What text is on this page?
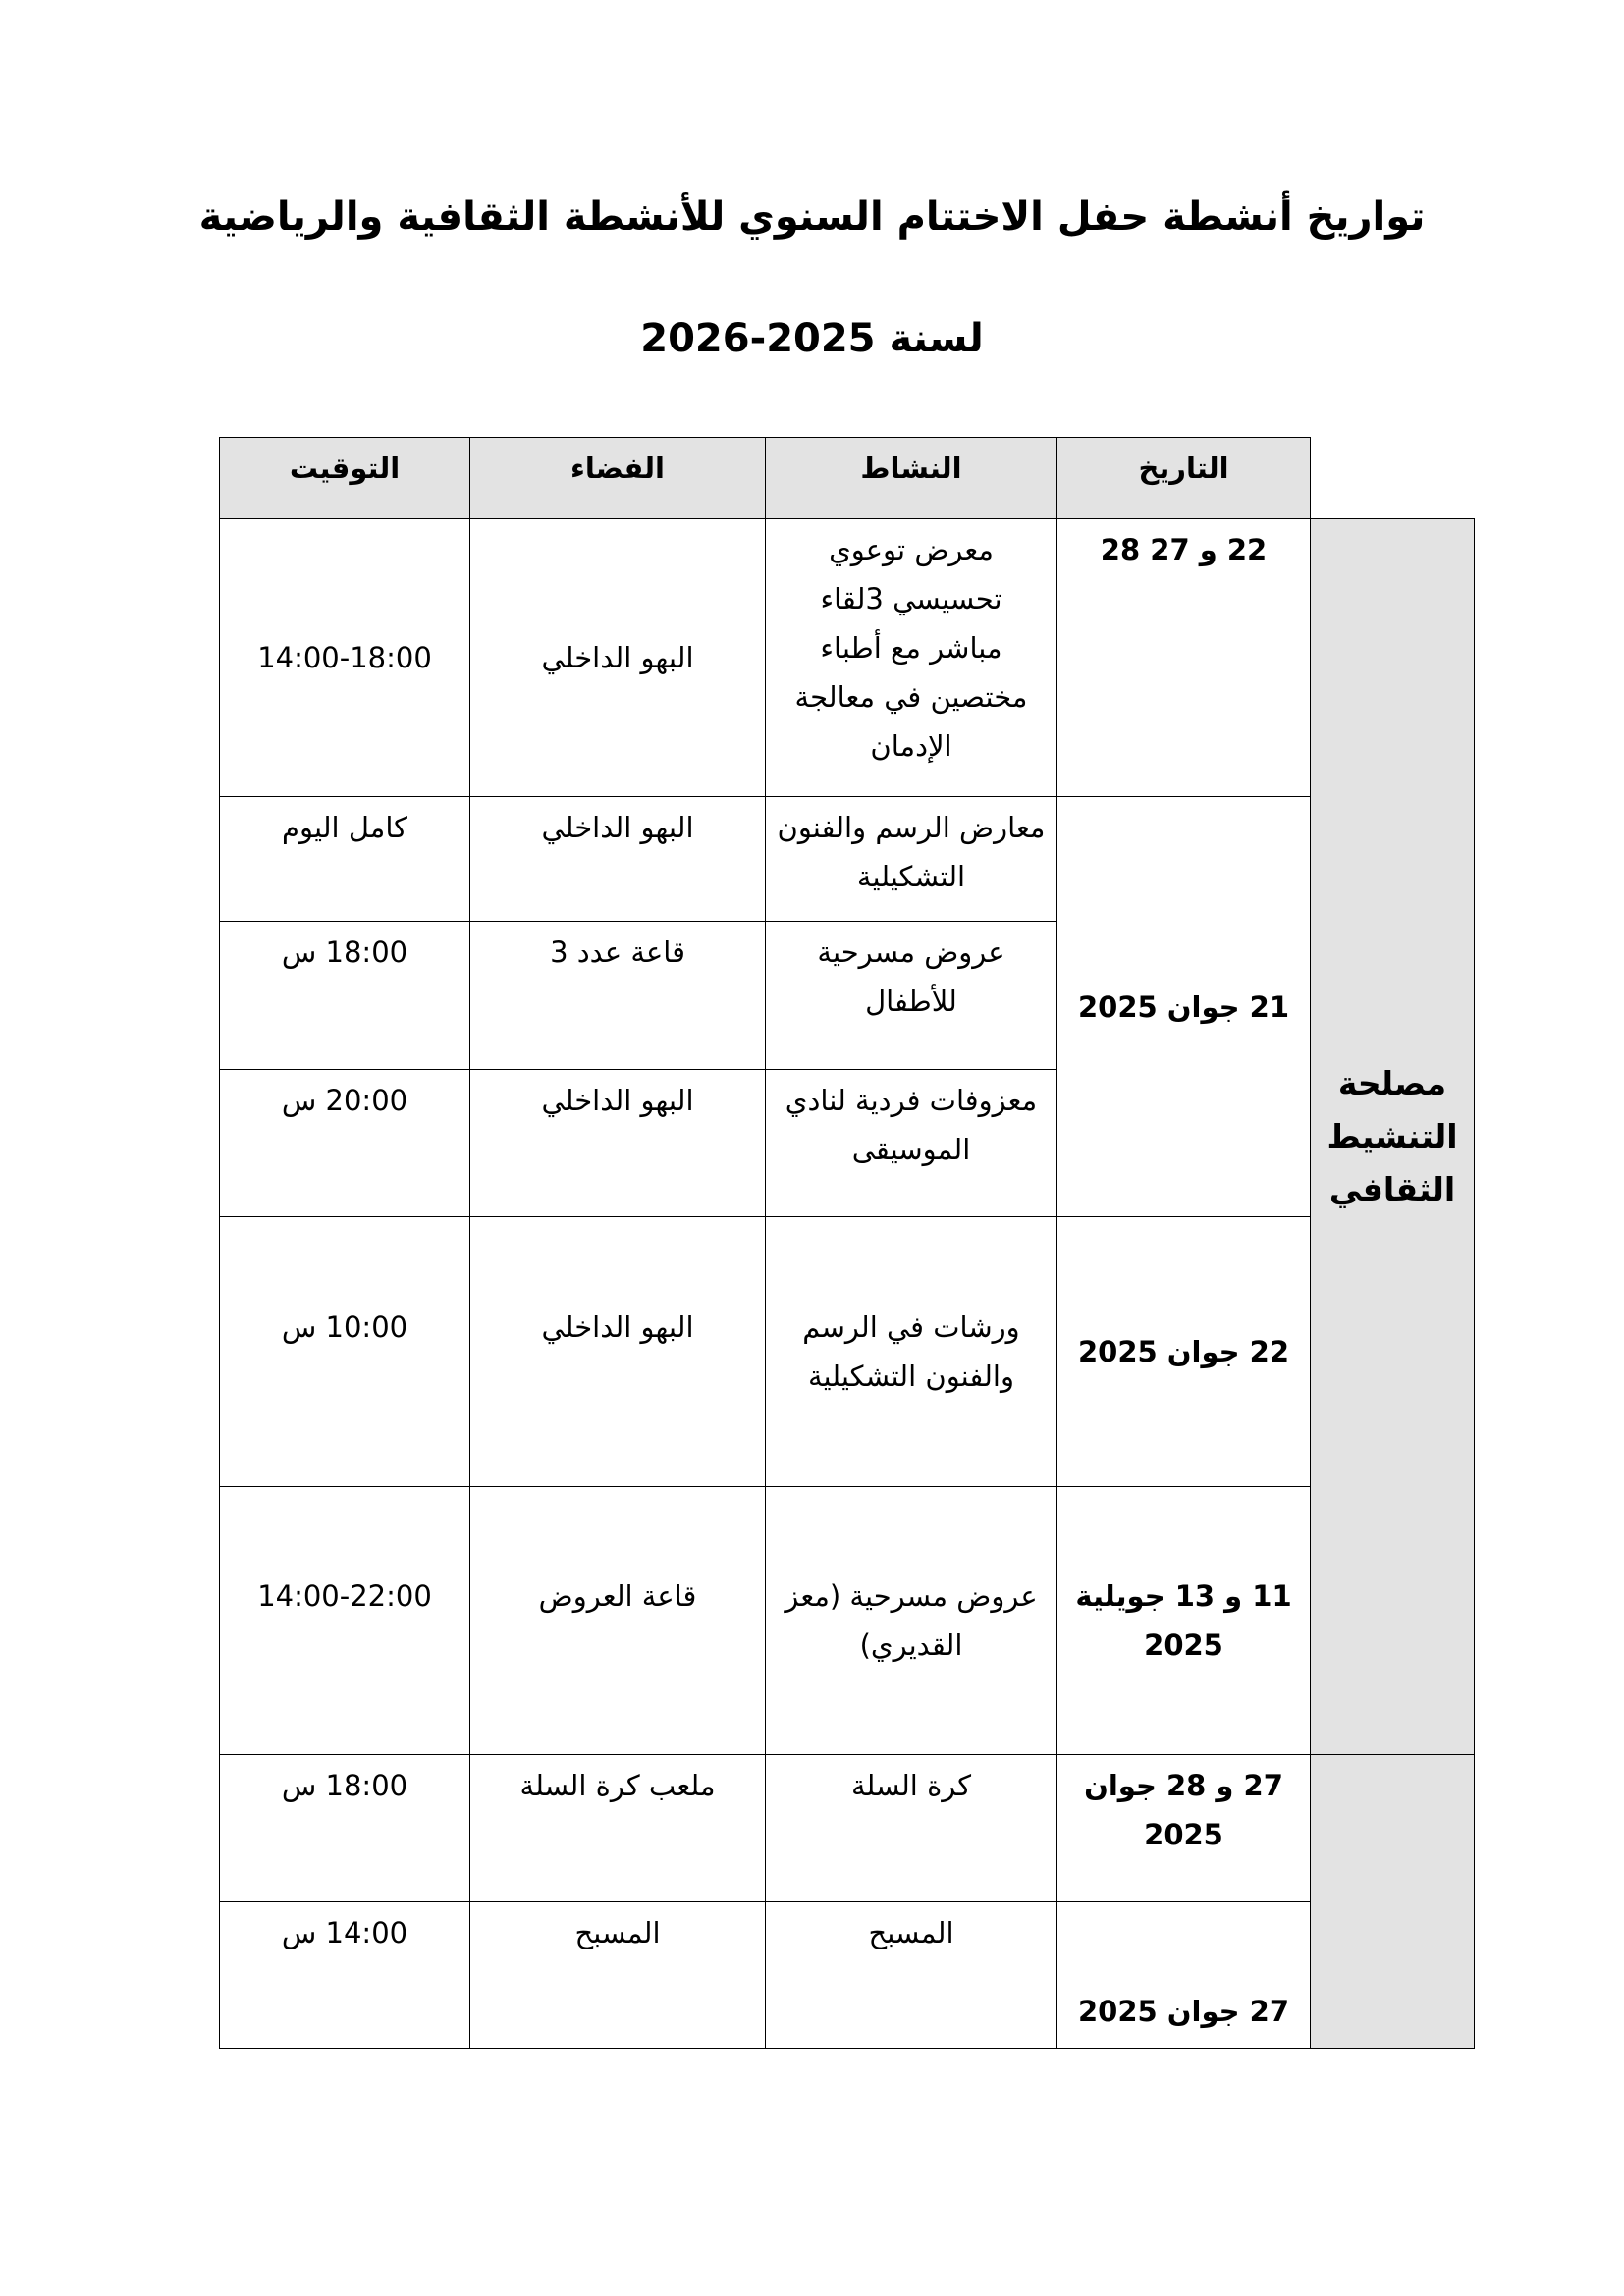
تواريخ أنشطة حفل الاختتام السنوي للأنشطة الثقافية والرياضية
لسنة 2025-2026
التاريخ
النشاط
الفضاء
التوقيت
مصلحة التنشيط الثقافي
22 و 27 28
معرض توعوي تحسيسي 3لقاء مباشر مع أطباء مختصين في معالجة الإدمان
البهو الداخلي
14:00-18:00
21 جوان 2025
معارض الرسم والفنون التشكيلية
البهو الداخلي
كامل اليوم
عروض مسرحية للأطفال
قاعة عدد 3
18:00 س
معزوفات فردية لنادي الموسيقى
البهو الداخلي
20:00 س
22 جوان 2025
ورشات في الرسم والفنون التشكيلية
البهو الداخلي
10:00 س
11 و 13 جويلية 2025
عروض مسرحية (معز القديري)
قاعة العروض
14:00-22:00
27 و 28 جوان 2025
كرة السلة
ملعب كرة السلة
18:00 س
27 جوان 2025
المسبح
المسبح
14:00 س
